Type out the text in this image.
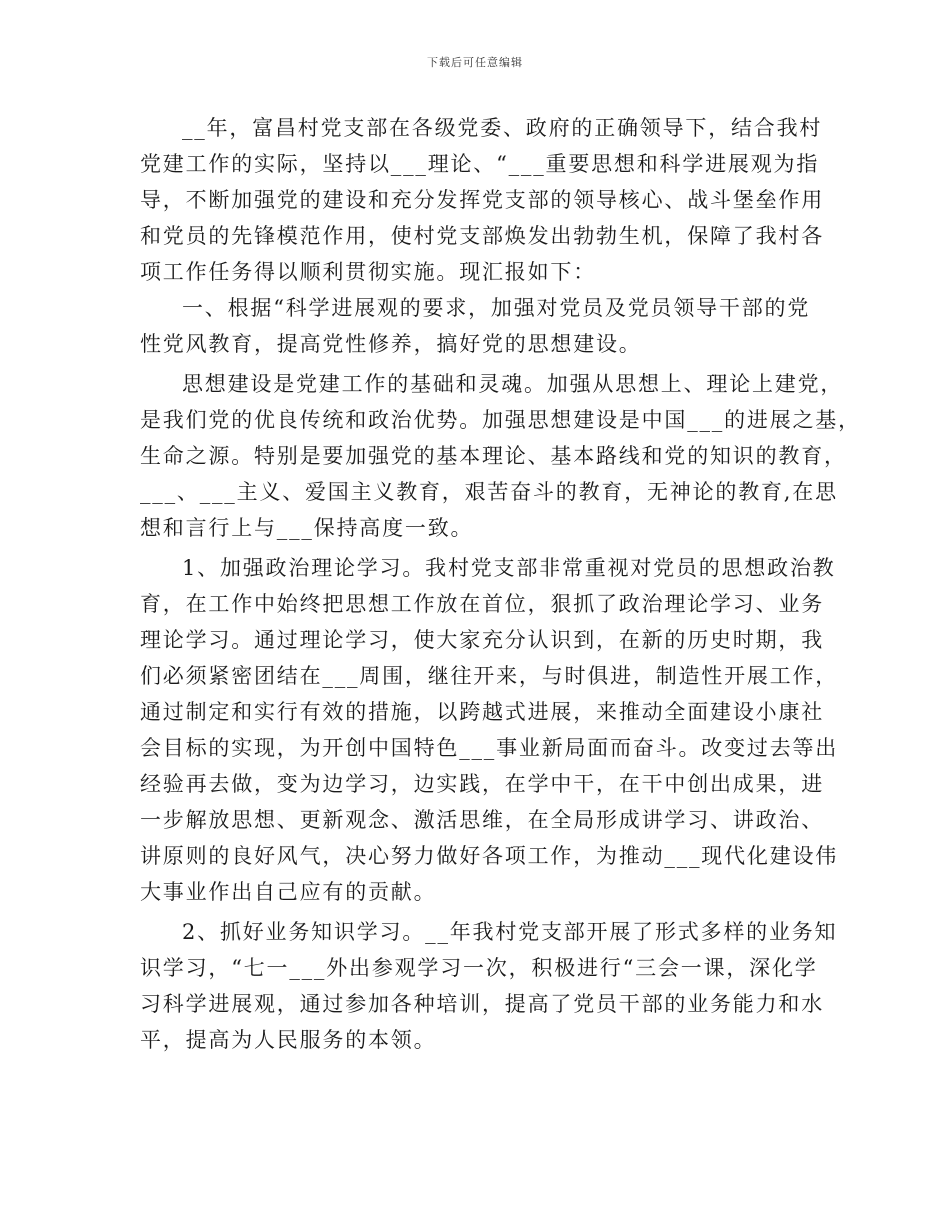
下载后可任意编辑
__年，富昌村党支部在各级党委、政府的正确领导下，结合我村
党建工作的实际，坚持以___理论、“___重要思想和科学进展观为指
导，不断加强党的建设和充分发挥党支部的领导核心、战斗堡垒作用
和党员的先锋模范作用，使村党支部焕发出勃勃生机，保障了我村各
项工作任务得以顺利贯彻实施。现汇报如下：
一、根据“科学进展观的要求，加强对党员及党员领导干部的党
性党风教育，提高党性修养，搞好党的思想建设。
思想建设是党建工作的基础和灵魂。加强从思想上、理论上建党，
是我们党的优良传统和政治优势。加强思想建设是中国___的进展之基，
生命之源。特别是要加强党的基本理论、基本路线和党的知识的教育，
___、___主义、爱国主义教育，艰苦奋斗的教育，无神论的教育,在思
想和言行上与___保持高度一致。
1、加强政治理论学习。我村党支部非常重视对党员的思想政治教
育，在工作中始终把思想工作放在首位，狠抓了政治理论学习、业务
理论学习。通过理论学习，使大家充分认识到，在新的历史时期，我
们必须紧密团结在___周围，继往开来，与时俱进，制造性开展工作，
通过制定和实行有效的措施，以跨越式进展，来推动全面建设小康社
会目标的实现，为开创中国特色___事业新局面而奋斗。改变过去等出
经验再去做，变为边学习，边实践，在学中干，在干中创出成果，进
一步解放思想、更新观念、激活思维，在全局形成讲学习、讲政治、
讲原则的良好风气，决心努力做好各项工作，为推动___现代化建设伟
大事业作出自己应有的贡献。
2、抓好业务知识学习。__年我村党支部开展了形式多样的业务知
识学习，“七一___外出参观学习一次，积极进行“三会一课，深化学
习科学进展观，通过参加各种培训，提高了党员干部的业务能力和水
平，提高为人民服务的本领。
